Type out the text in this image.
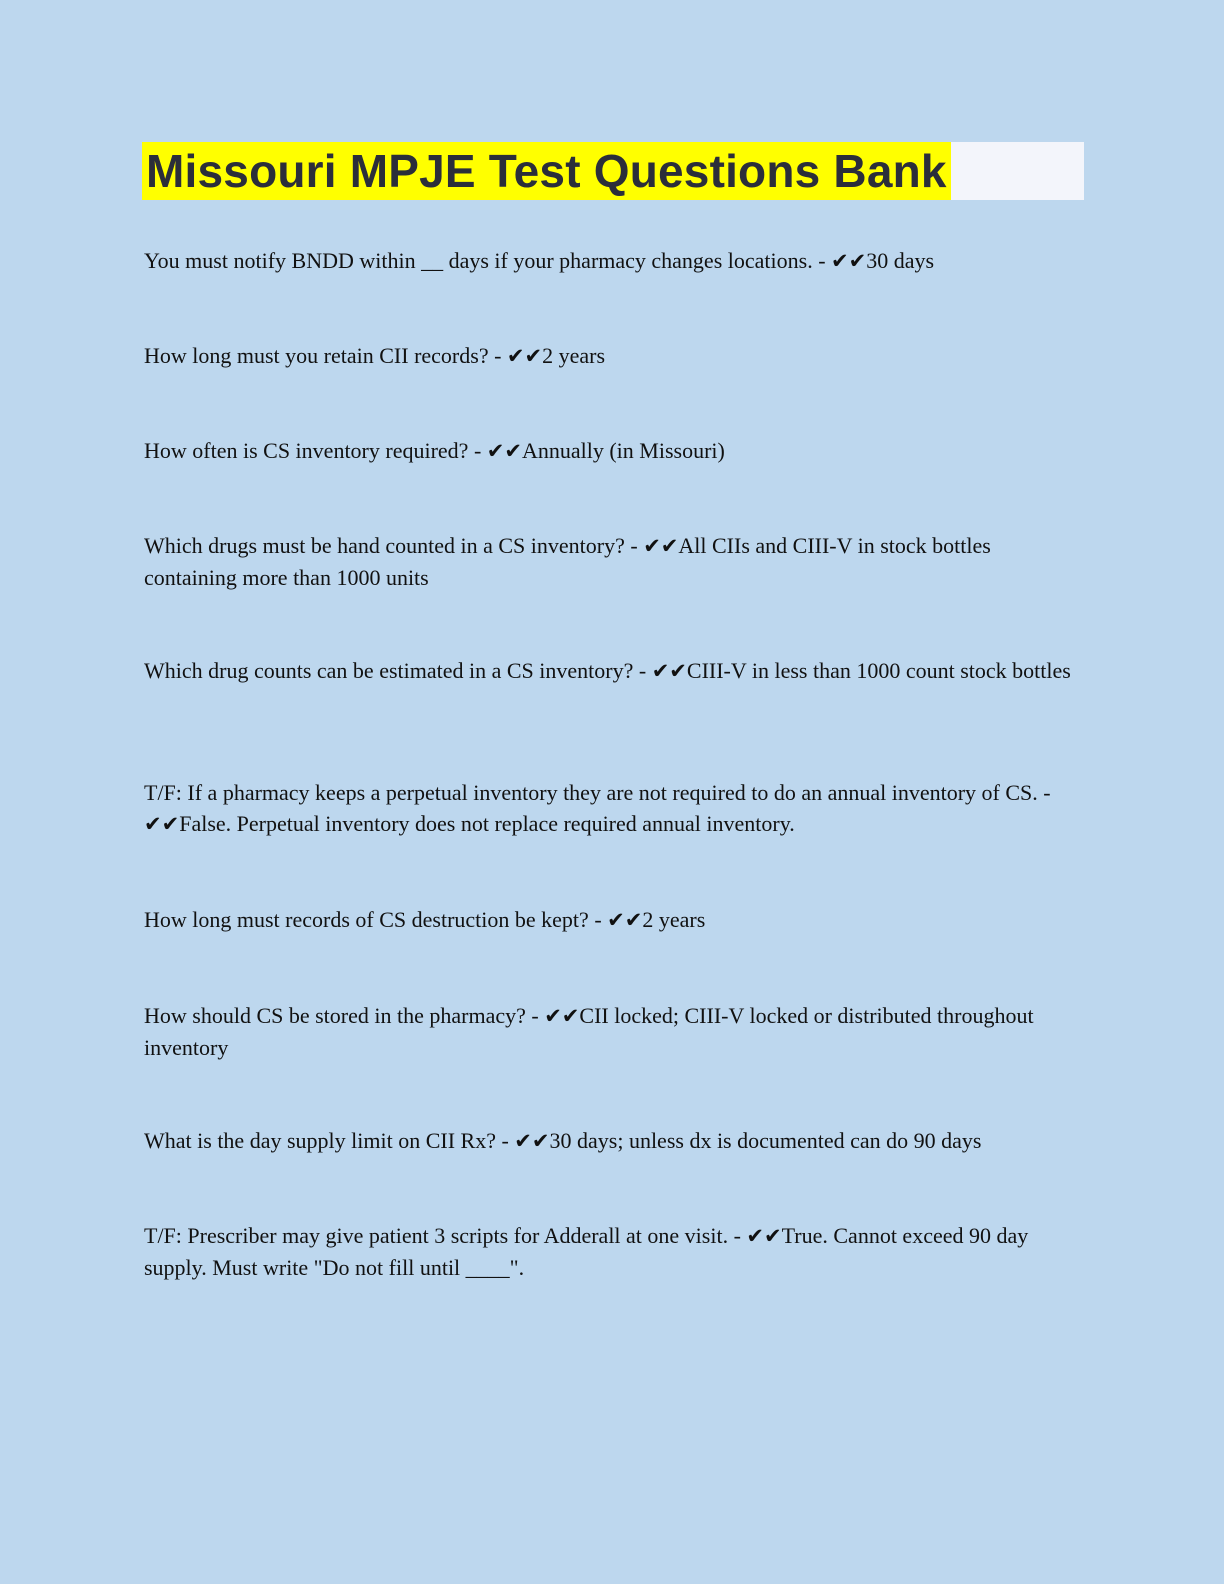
Missouri MPJE Test Questions Bank

You must notify BNDD within __ days if your pharmacy changes locations. - ✔✔30 days

How long must you retain CII records? - ✔✔2 years

How often is CS inventory required? - ✔✔Annually (in Missouri)

Which drugs must be hand counted in a CS inventory? - ✔✔All CIIs and CIII-V in stock bottles containing more than 1000 units

Which drug counts can be estimated in a CS inventory? - ✔✔CIII-V in less than 1000 count stock bottles

T/F: If a pharmacy keeps a perpetual inventory they are not required to do an annual inventory of CS. - ✔✔False. Perpetual inventory does not replace required annual inventory.

How long must records of CS destruction be kept? - ✔✔2 years

How should CS be stored in the pharmacy? - ✔✔CII locked; CIII-V locked or distributed throughout inventory

What is the day supply limit on CII Rx? - ✔✔30 days; unless dx is documented can do 90 days

T/F: Prescriber may give patient 3 scripts for Adderall at one visit. - ✔✔True. Cannot exceed 90 day supply. Must write "Do not fill until ____".
